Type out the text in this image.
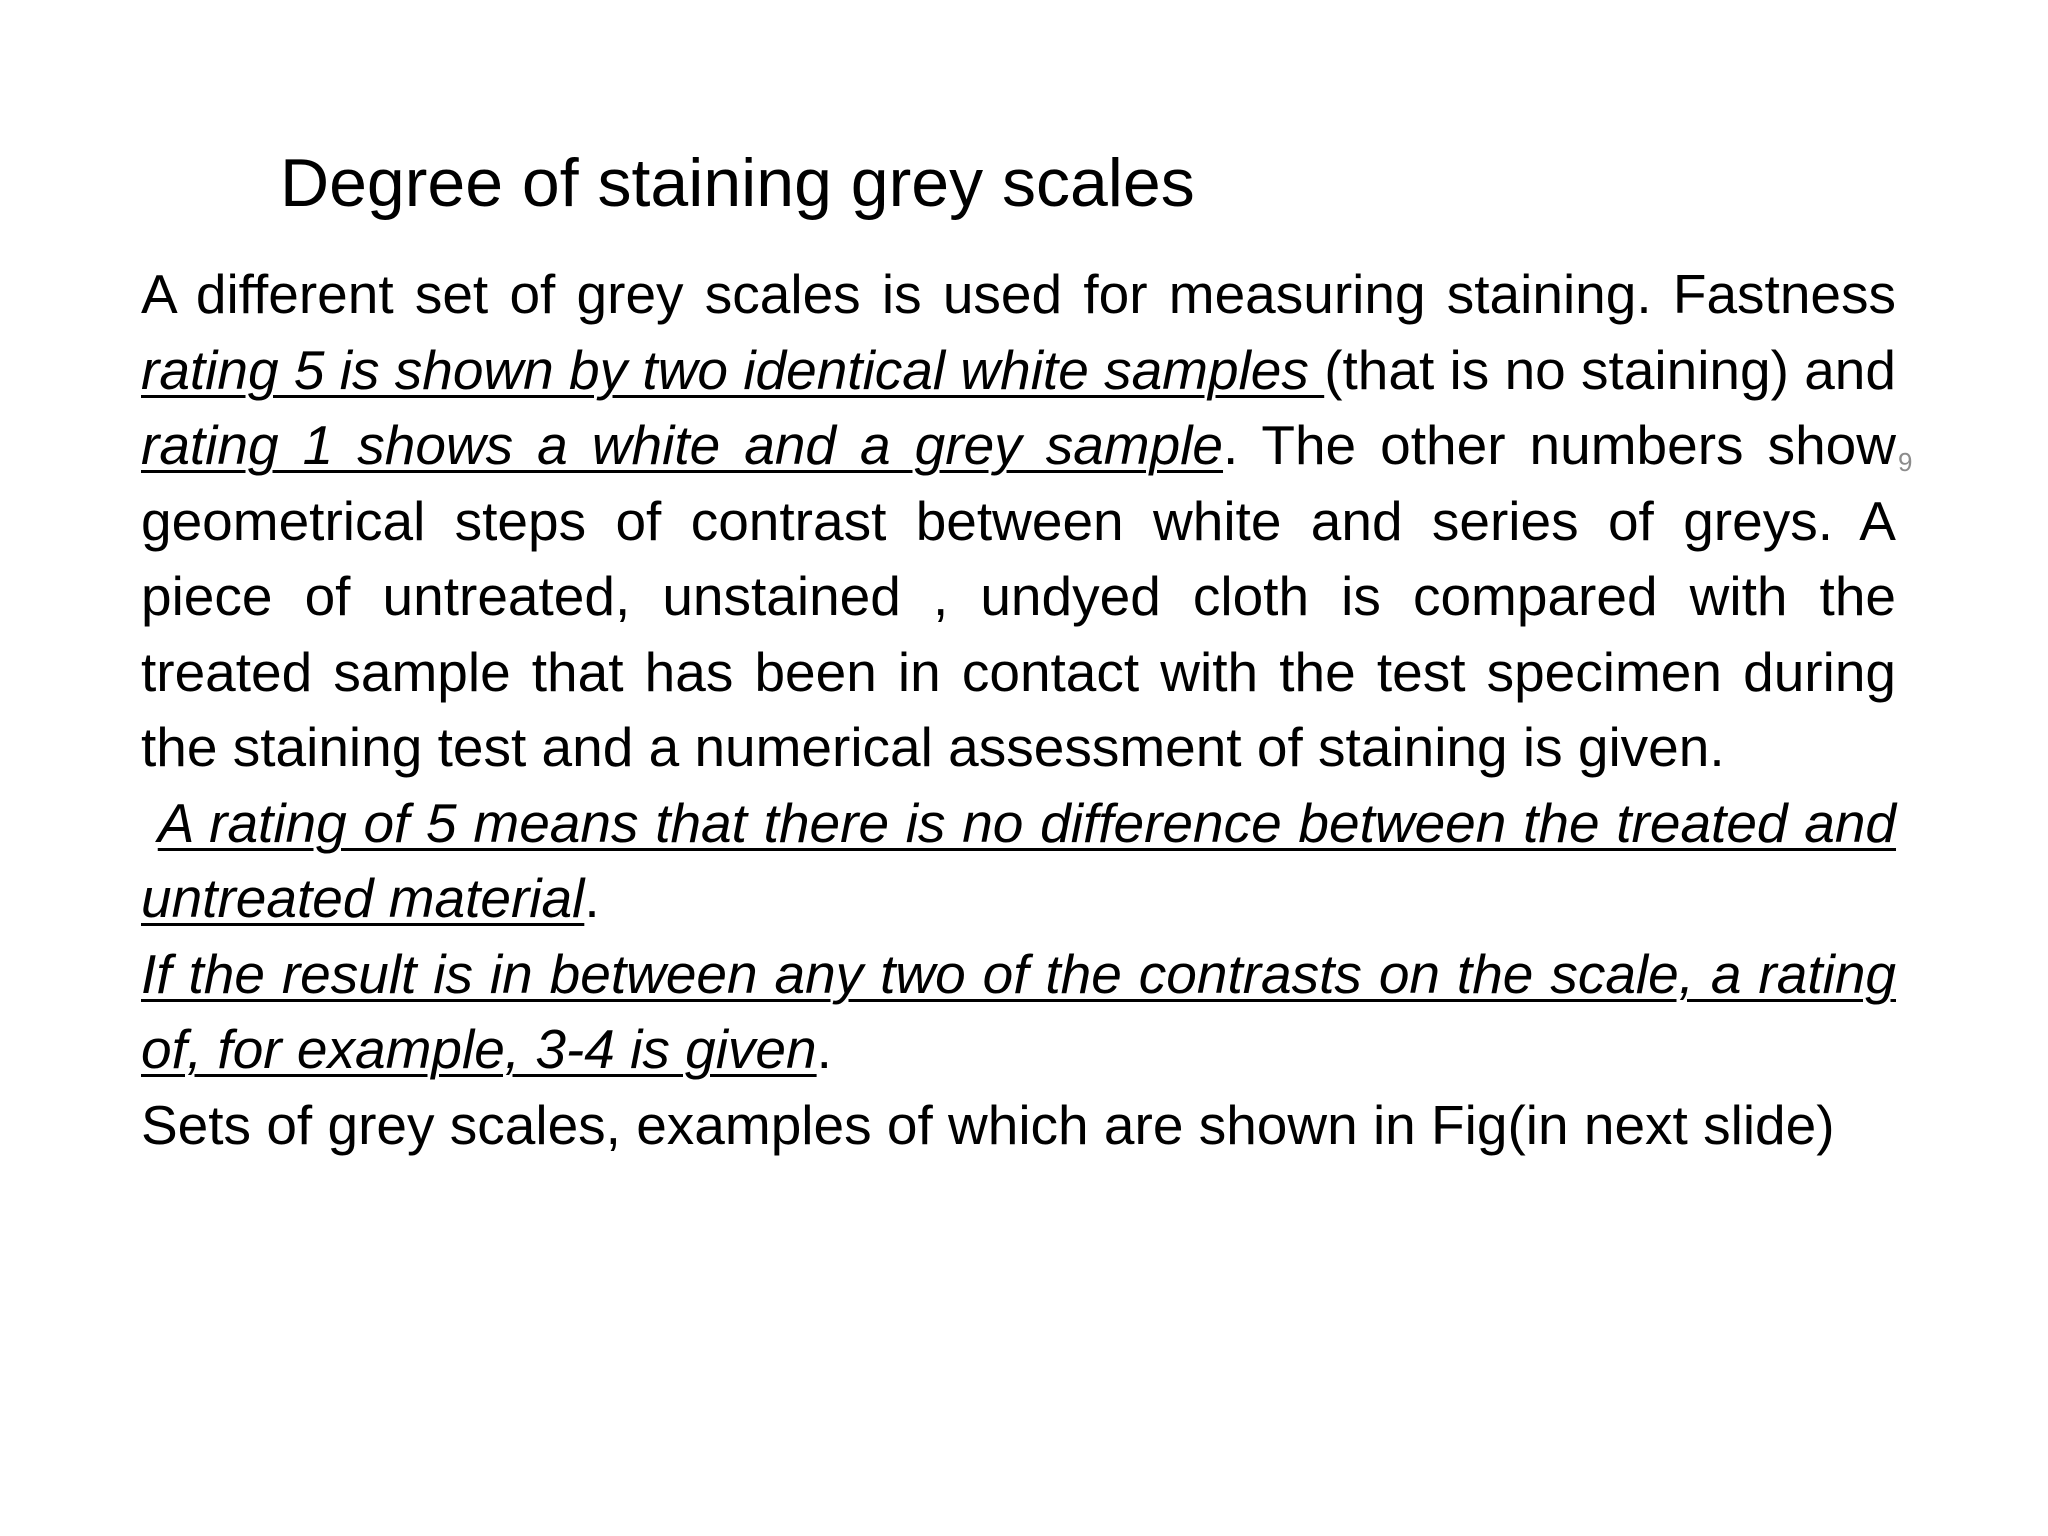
Degree of staining grey scales

A different set of grey scales is used for measuring staining. Fastness rating 5 is shown by two identical white samples (that is no staining) and rating 1 shows a white and a grey sample. The other numbers show geometrical steps of contrast between white and series of greys. A piece of untreated, unstained , undyed cloth is compared with the treated sample that has been in contact with the test specimen during the staining test and a numerical assessment of staining is given.

A rating of 5 means that there is no difference between the treated and untreated material.

If the result is in between any two of the contrasts on the scale, a rating of, for example, 3-4 is given.

Sets of grey scales, examples of which are shown in Fig(in next slide)

9
